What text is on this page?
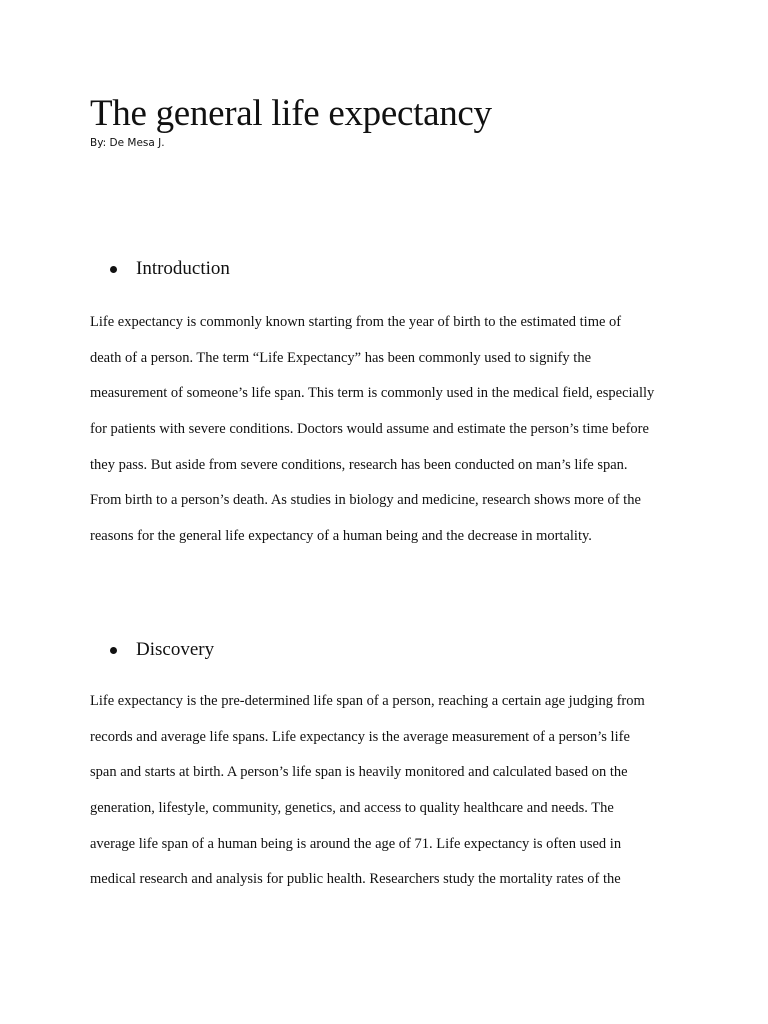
The general life expectancy

By: De Mesa J.

Introduction
Life expectancy is commonly known starting from the year of birth to the estimated time of
death of a person. The term “Life Expectancy” has been commonly used to signify the
measurement of someone’s life span. This term is commonly used in the medical field, especially
for patients with severe conditions. Doctors would assume and estimate the person’s time before
they pass. But aside from severe conditions, research has been conducted on man’s life span.
From birth to a person’s death. As studies in biology and medicine, research shows more of the
reasons for the general life expectancy of a human being and the decrease in mortality.
Discovery
Life expectancy is the pre-determined life span of a person, reaching a certain age judging from
records and average life spans. Life expectancy is the average measurement of a person’s life
span and starts at birth. A person’s life span is heavily monitored and calculated based on the
generation, lifestyle, community, genetics, and access to quality healthcare and needs. The
average life span of a human being is around the age of 71. Life expectancy is often used in
medical research and analysis for public health. Researchers study the mortality rates of the
